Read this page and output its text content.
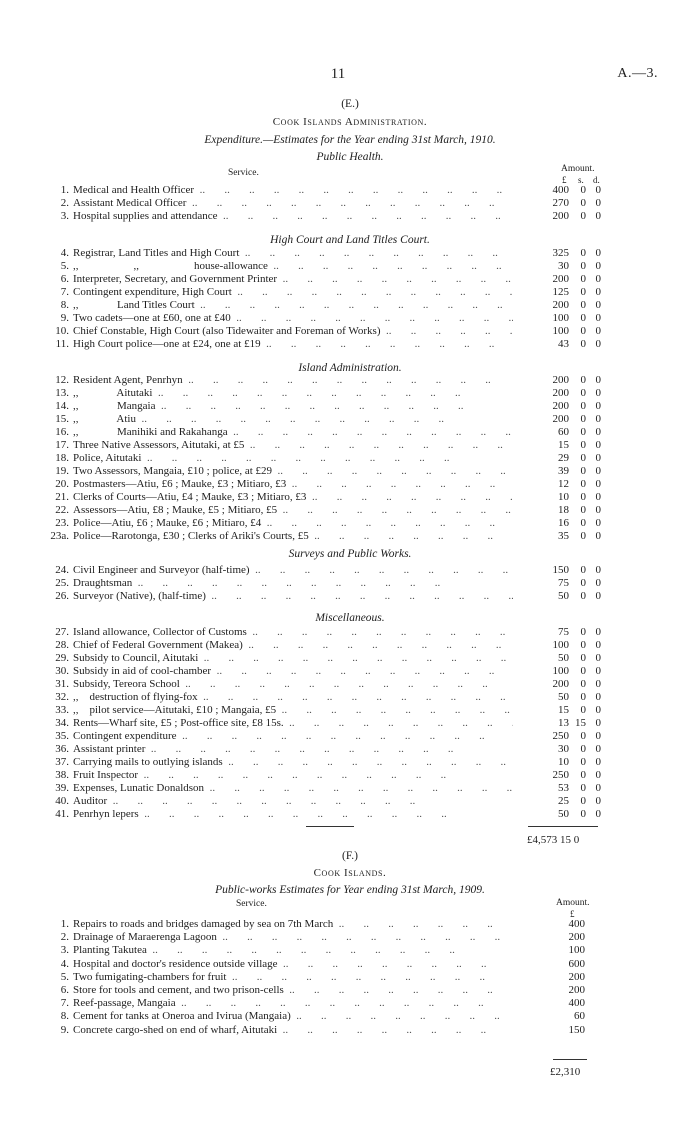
11	A.—3.
(E.)
Cook Islands Administration.
Expenditure.—Estimates for the Year ending 31st March, 1910.
Public Health.
Service.	Amount.
£ s. d.
1. Medical and Health Officer ..	400	0 0
2. Assistant Medical Officer ..	270	0 0
3. Hospital supplies and attendance ..	200	0 0
4. Registrar, Land Titles and High Court ..	325	0 0
5. ,,                    ,,                    house-allowance ..	30	0 0
6. Interpreter, Secretary, and Government Printer ..	200	0 0
7. Contingent expenditure, High Court ..	125	0 0
8. ,,              Land Titles Court ..	200	0 0
9. Two cadets—one at £60, one at £40 ..	100	0 0
10. Chief Constable, High Court (also Tidewaiter and Foreman of Works) ..	100	0 0
11. High Court police—one at £24, one at £19 ..	43	0 0
12. Resident Agent, Penrhyn ..	200	0 0
13. ,,              Aitutaki ..	200	0 0
14. ,,              Mangaia ..	200	0 0
15. ,,              Atiu ..	200	0 0
16. ,,              Manihiki and Rakahanga ..	60	0 0
17. Three Native Assessors, Aitutaki, at £5 ..	15	0 0
18. Police, Aitutaki ..	29	0 0
19. Two Assessors, Mangaia, £10 ; police, at £29 ..	39	0 0
20. Postmasters—Atiu, £6 ; Mauke, £3 ; Mitiaro, £3 ..	12	0 0
21. Clerks of Courts—Atiu, £4 ; Mauke, £3 ; Mitiaro, £3 ..	10	0 0
22. Assessors—Atiu, £8 ; Mauke, £5 ; Mitiaro, £5 ..	18	0 0
23. Police—Atiu, £6 ; Mauke, £6 ; Mitiaro, £4 ..	16	0 0
23a. Police—Rarotonga, £30 ; Clerks of Ariki's Courts, £5 ..	35	0 0
24. Civil Engineer and Surveyor (half-time) ..	150	0 0
25. Draughtsman ..	75	0 0
26. Surveyor (Native), (half-time) ..	50	0 0
27. Island allowance, Collector of Customs ..	75	0 0
28. Chief of Federal Government (Makea) ..	100	0 0
29. Subsidy to Council, Aitutaki ..	50	0 0
30. Subsidy in aid of cool-chamber ..	100	0 0
31. Subsidy, Tereora School ..	200	0 0
32. ,,    destruction of flying-fox ..	50	0 0
33. ,,    pilot service—Aitutaki, £10 ; Mangaia, £5 ..	15	0 0
34. Rents—Wharf site, £5 ; Post-office site, £8 15s. ..	13 15 0
35. Contingent expenditure ..	250	0 0
36. Assistant printer ..	30	0 0
37. Carrying mails to outlying islands ..	10	0 0
38. Fruit Inspector ..	250	0 0
39. Expenses, Lunatic Donaldson ..	53	0 0
40. Auditor ..	25	0 0
41. Penrhyn lepers ..	50	0 0
High Court and Land Titles Court.
Island Administration.
Surveys and Public Works.
Miscellaneous.
£4,573 15 0
(F.)
Cook Islands.
Public-works Estimates for Year ending 31st March, 1909.
Service.	Amount.
£
1. Repairs to roads and bridges damaged by sea on 7th March ..	400
2. Drainage of Maraerenga Lagoon ..	200
3. Planting Takutea ..	100
4. Hospital and doctor's residence outside village ..	600
5. Two fumigating-chambers for fruit ..	200
6. Store for tools and cement, and two prison-cells ..	200
7. Reef-passage, Mangaia ..	400
8. Cement for tanks at Oneroa and Ivirua (Mangaia) ..	60
9. Concrete cargo-shed on end of wharf, Aitutaki ..	150
£2,310
